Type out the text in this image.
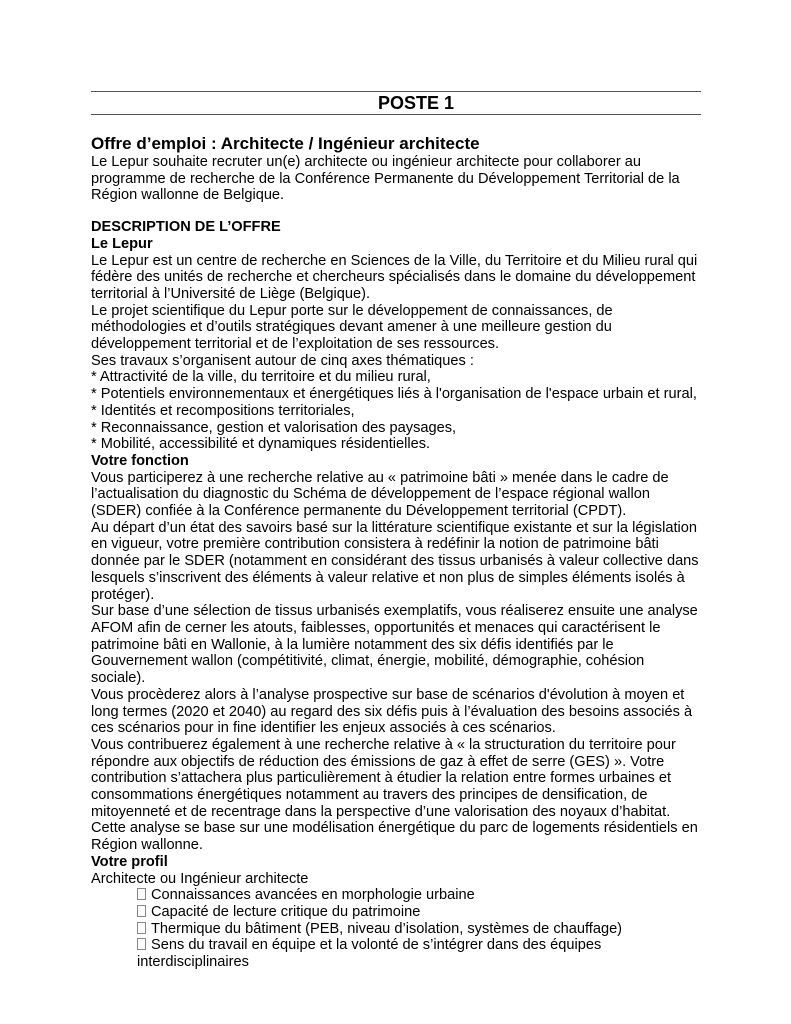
POSTE 1
Offre d’emploi : Architecte / Ingénieur architecte

Le Lepur souhaite recruter un(e) architecte ou ingénieur architecte pour collaborer au programme de recherche de la Conférence Permanente du Développement Territorial de la Région wallonne de Belgique.

DESCRIPTION DE L’OFFRE

Le Lepur

Le Lepur est un centre de recherche en Sciences de la Ville, du Territoire et du Milieu rural qui fédère des unités de recherche et chercheurs spécialisés dans le domaine du développement territorial à l’Université de Liège (Belgique).

Le projet scientifique du Lepur porte sur le développement de connaissances, de méthodologies et d’outils stratégiques devant amener à une meilleure gestion du développement territorial et de l’exploitation de ses ressources.

Ses travaux s’organisent autour de cinq axes thématiques :

* Attractivité de la ville, du territoire et du milieu rural,

* Potentiels environnementaux et énergétiques liés à l'organisation de l'espace urbain et rural,

* Identités et recompositions territoriales,

* Reconnaissance, gestion et valorisation des paysages,

* Mobilité, accessibilité et dynamiques résidentielles.

Votre fonction

Vous participerez à une recherche relative au « patrimoine bâti » menée dans le cadre de l’actualisation du diagnostic du Schéma de développement de l’espace régional wallon (SDER) confiée à la Conférence permanente du Développement territorial (CPDT).

Au départ d’un état des savoirs basé sur la littérature scientifique existante et sur la législation en vigueur, votre première contribution consistera à redéfinir la notion de patrimoine bâti donnée par le SDER (notamment en considérant des tissus urbanisés à valeur collective dans lesquels s’inscrivent des éléments à valeur relative et non plus de simples éléments isolés à protéger).

Sur base d’une sélection de tissus urbanisés exemplatifs, vous réaliserez ensuite une analyse AFOM afin de cerner les atouts, faiblesses, opportunités et menaces qui caractérisent le patrimoine bâti en Wallonie, à la lumière notamment des six défis identifiés par le Gouvernement wallon (compétitivité, climat, énergie, mobilité, démographie, cohésion sociale).

Vous procèderez alors à l’analyse prospective sur base de scénarios d'évolution à moyen et long termes (2020 et 2040) au regard des six défis puis à l’évaluation des besoins associés à ces scénarios pour in fine identifier les enjeux associés à ces scénarios.

Vous contribuerez également à une recherche relative à « la structuration du territoire pour répondre aux objectifs de réduction des émissions de gaz à effet de serre (GES) ». Votre contribution s’attachera plus particulièrement à étudier la relation entre formes urbaines et consommations énergétiques notamment au travers des principes de densification, de mitoyenneté et de recentrage dans la perspective d’une valorisation des noyaux d’habitat. Cette analyse se base sur une modélisation énergétique du parc de logements résidentiels en Région wallonne.

Votre profil

Architecte ou Ingénieur architecte

Connaissances avancées en morphologie urbaine

Capacité de lecture critique du patrimoine

Thermique du bâtiment (PEB, niveau d’isolation, systèmes de chauffage)

Sens du travail en équipe et la volonté de s’intégrer dans des équipes

interdisciplinaires
